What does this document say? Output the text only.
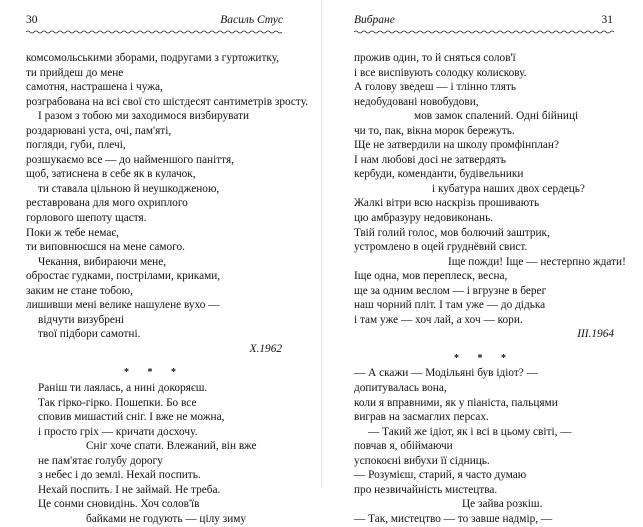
30	Василь Стус
комсомольськими зборами, подругами з гуртожитку,
ти прийдеш до мене
самотня, настрашена і чужа,
розграбована на всі свої сто шістдесят сантиметрів зросту.
І разом з тобою ми заходимося визбирувати
роздарювані уста, очі, пам'яті,
погляди, губи, плечі,
розшукаємо все — до найменшого паніття,
щоб, затиснена в себе як в кулачок,
ти ставала цільною й неушкодженою,
реставрована для мого охриплого
горлового шепоту щастя.
Поки ж тебе немає,
ти виповнюєшся на мене самого.
Чекання, вибираючи мене,
обростає гудками, пострілами, криками,
заким не стане тобою,
лишивши мені велике нашулене вухо —
відчути визубрені
твої підбори самотні.
X.1962
* * *
Раніш ти лаялась, а нині докоряєш.
Так гірко-гірко. Пошепки. Бо все
сповив мишастий сніг. І вже не можна,
і просто гріх — кричати досхочу.
Сніг хоче спати. Влежаний, він вже
не пам'ятає голубу дорогу
з небес і до землі. Нехай поспить.
Нехай поспить. І не займай. Не треба.
Це сонми сновидінь. Хоч солов'їв
байками не годують — цілу зиму
Вибране	31
прожив один, то й сняться солов'ї
і все виспівують солодку колискову.
А голову зведеш — і тлінно тлять
недобудовані новобудови,
мов замок спалений. Одні бійниці
чи то, пак, вікна морок бережуть.
Ще не затвердили на школу промфінплан?
І нам любові досі не затвердять
кербуди, коменданти, будівельники
і кубатура наших двох сердець?
Жалкі вітри всю наскрізь прошивають
цю амбразуру недовиконань.
Твій голий голос, мов болючий заштрик,
устромлено в оцей груднёвий свист.
Іще пожди! Іще — нестерпно ждати!
Іще одна, мов переплеск, весна,
ще за одним веслом — і вгрузне в берег
наш чорний пліт. І там уже — до дідька
і там уже — хоч лай, а хоч — кори.
III.1964
* * *
— А скажи — Модільяні був ідіот? —
допитувалась вона,
коли я вправними, як у піаніста, пальцями
виграв на засмаглих персах.
— Такий же ідіот, як і всі в цьому світі, —
повчав я, обіймаючи
успокоєні вибухи її сідниць.
— Розумієш, старий, я часто думаю
про незвичайність мистецтва.
Це зайва розкіш.
— Так, мистецтво — то завше надмір, —
